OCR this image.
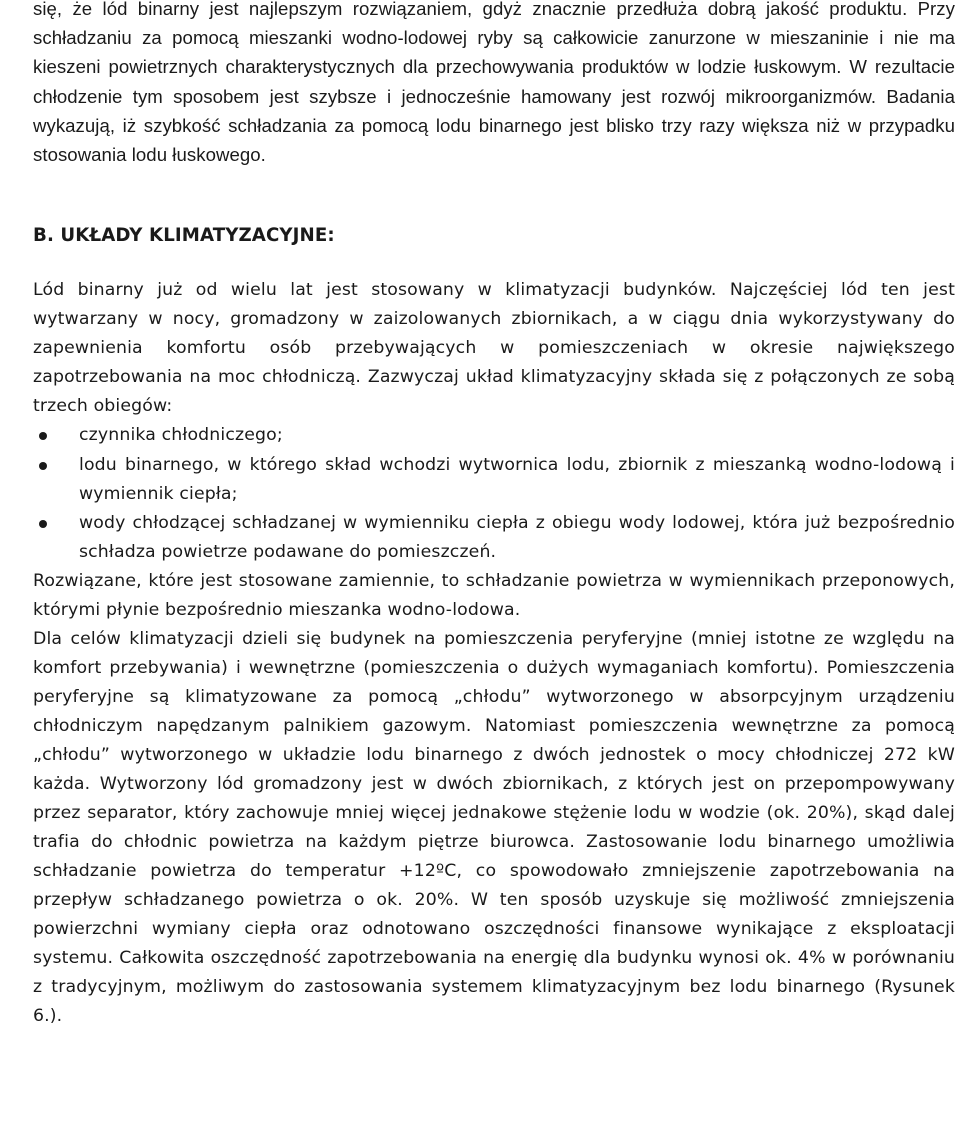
się, że lód binarny jest najlepszym rozwiązaniem, gdyż znacznie przedłuża dobrą jakość produktu. Przy schładzaniu za pomocą mieszanki wodno-lodowej ryby są całkowicie zanurzone w mieszaninie i nie ma kieszeni powietrznych charakterystycznych dla przechowywania produktów w lodzie łuskowym. W rezultacie chłodzenie tym sposobem jest szybsze i jednocześnie hamowany jest rozwój mikroorganizmów. Badania wykazują, iż szybkość schładzania za pomocą lodu binarnego jest blisko trzy razy większa niż w przypadku stosowania lodu łuskowego.

B. UKŁADY KLIMATYZACYJNE:

Lód binarny już od wielu lat jest stosowany w klimatyzacji budynków. Najczęściej lód ten jest wytwarzany w nocy, gromadzony w zaizolowanych zbiornikach, a w ciągu dnia wykorzystywany do zapewnienia komfortu osób przebywających w pomieszczeniach w okresie największego zapotrzebowania na moc chłodniczą. Zazwyczaj układ klimatyzacyjny składa się z połączonych ze sobą trzech obiegów:

czynnika chłodniczego;

lodu binarnego, w którego skład wchodzi wytwornica lodu, zbiornik z mieszanką wodno-lodową i wymiennik ciepła;

wody chłodzącej schładzanej w wymienniku ciepła z obiegu wody lodowej, która już bezpośrednio schładza powietrze podawane do pomieszczeń.

Rozwiązane, które jest stosowane zamiennie, to schładzanie powietrza w wymiennikach przeponowych, którymi płynie bezpośrednio mieszanka wodno-lodowa.

Dla celów klimatyzacji dzieli się budynek na pomieszczenia peryferyjne (mniej istotne ze względu na komfort przebywania) i wewnętrzne (pomieszczenia o dużych wymaganiach komfortu). Pomieszczenia peryferyjne są klimatyzowane za pomocą „chłodu” wytworzonego w absorpcyjnym urządzeniu chłodniczym napędzanym palnikiem gazowym. Natomiast pomieszczenia wewnętrzne za pomocą „chłodu” wytworzonego w układzie lodu binarnego z dwóch jednostek o mocy chłodniczej 272 kW każda. Wytworzony lód gromadzony jest w dwóch zbiornikach, z których jest on przepompowywany przez separator, który zachowuje mniej więcej jednakowe stężenie lodu w wodzie (ok. 20%), skąd dalej trafia do chłodnic powietrza na każdym piętrze biurowca. Zastosowanie lodu binarnego umożliwia schładzanie powietrza do temperatur +12ºC, co spowodowało zmniejszenie zapotrzebowania na przepływ schładzanego powietrza o ok. 20%. W ten sposób uzyskuje się możliwość zmniejszenia powierzchni wymiany ciepła oraz odnotowano oszczędności finansowe wynikające z eksploatacji systemu. Całkowita oszczędność zapotrzebowania na energię dla budynku wynosi ok. 4% w porównaniu z tradycyjnym, możliwym do zastosowania systemem klimatyzacyjnym bez lodu binarnego (Rysunek 6.).
